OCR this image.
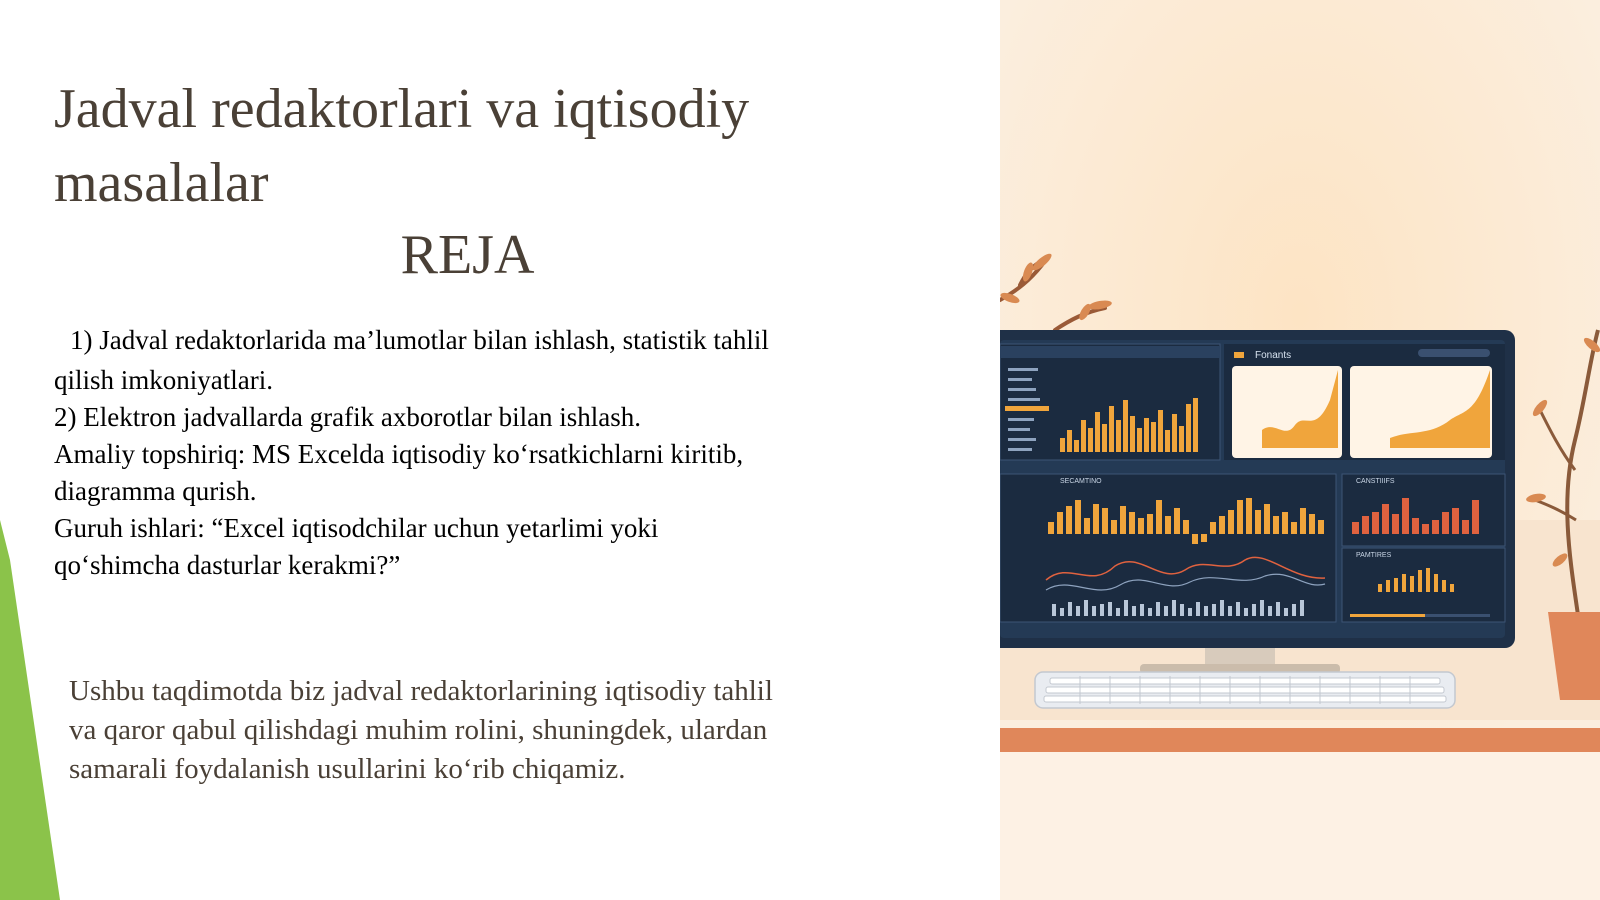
Jadval redaktorlari va iqtisodiy
masalalar
REJA
1) Jadval redaktorlarida ma’lumotlar bilan ishlash, statistik tahlil
qilish imkoniyatlari.
2) Elektron jadvallarda grafik axborotlar bilan ishlash.
Amaliy topshiriq: MS Excelda iqtisodiy ko‘rsatkichlarni kiritib,
diagramma qurish.
Guruh ishlari: “Excel iqtisodchilar uchun yetarlimi yoki
qo‘shimcha dasturlar kerakmi?”
Ushbu taqdimotda biz jadval redaktorlarining iqtisodiy tahlil
va qaror qabul qilishdagi muhim rolini, shuningdek, ulardan
samarali foydalanish usullarini ko‘rib chiqamiz.
Fonants
SECAMTINO	CANSTIIIFS
PAMTIRES
